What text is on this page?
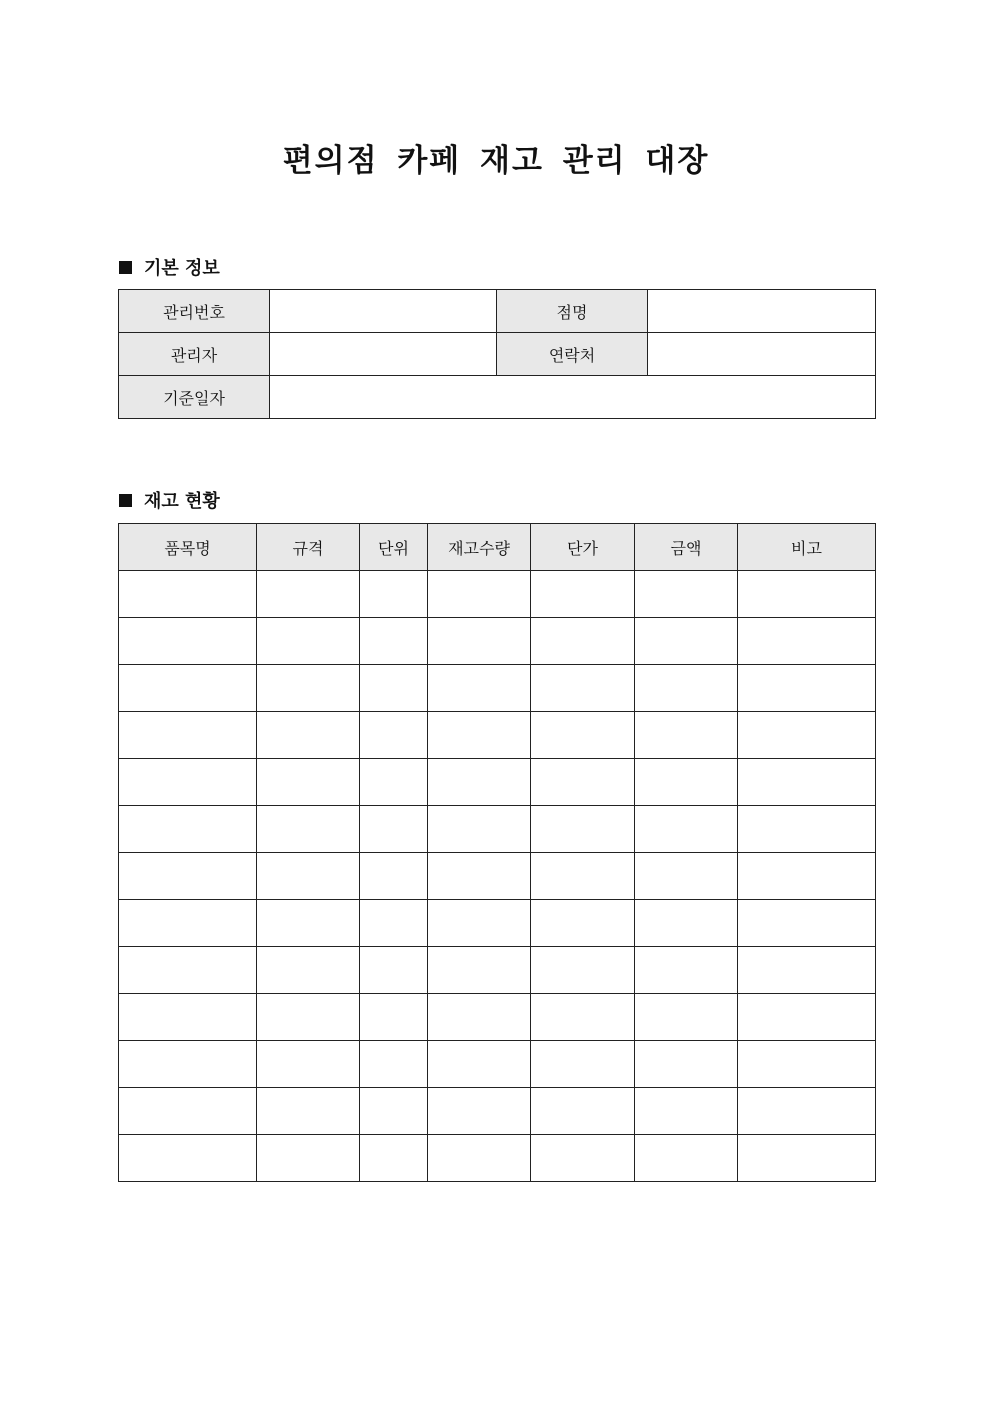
편의점 카페 재고 관리 대장
기본 정보
관리번호		점명	
관리자		연락처	
기준일자			
재고 현황
품목명	규격	단위	재고수량	단가	금액	비고
